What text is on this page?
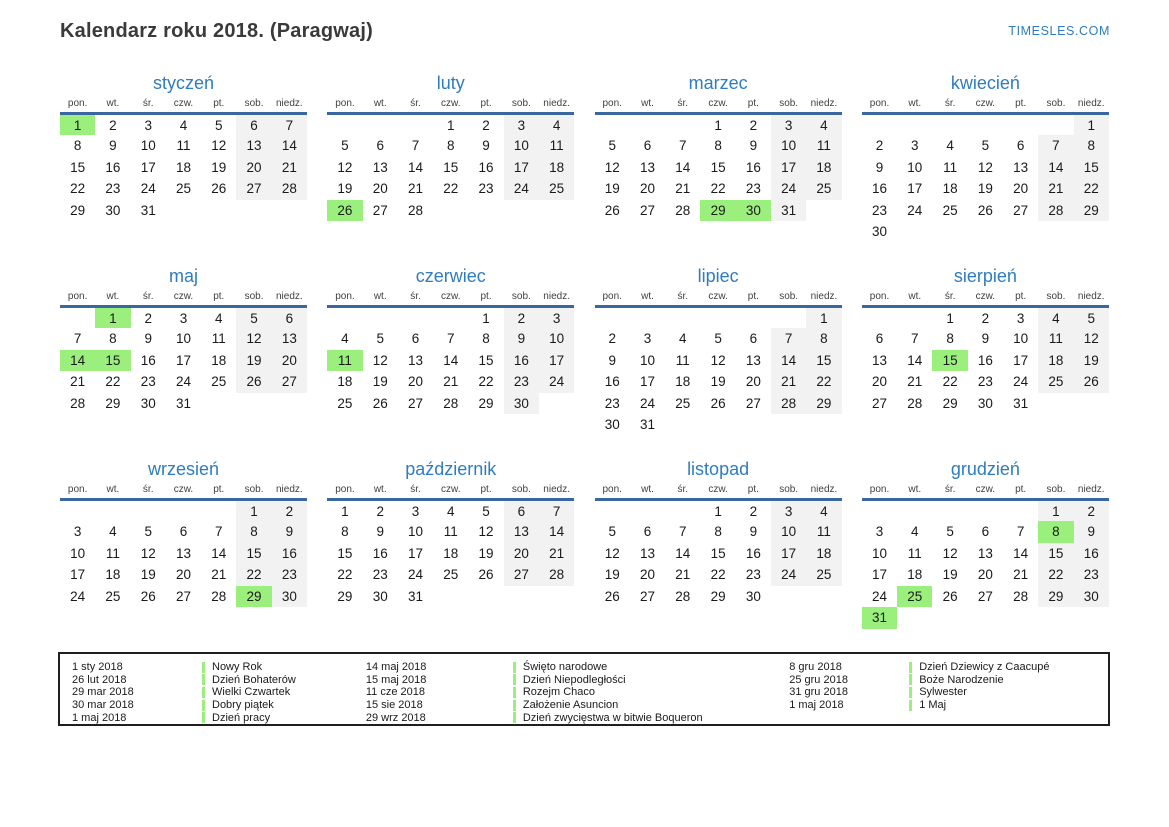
Kalendarz roku 2018. (Paragwaj)	TIMESLES.COM
styczeń
pon.	wt.	śr.	czw.	pt.	sob.	niedz.
1	2	3	4	5	6	7
8	9	10	11	12	13	14
15	16	17	18	19	20	21
22	23	24	25	26	27	28
29	30	31				
luty
pon.	wt.	śr.	czw.	pt.	sob.	niedz.
			1	2	3	4
5	6	7	8	9	10	11
12	13	14	15	16	17	18
19	20	21	22	23	24	25
26	27	28				
marzec
pon.	wt.	śr.	czw.	pt.	sob.	niedz.
			1	2	3	4
5	6	7	8	9	10	11
12	13	14	15	16	17	18
19	20	21	22	23	24	25
26	27	28	29	30	31	
kwiecień
pon.	wt.	śr.	czw.	pt.	sob.	niedz.
						1
2	3	4	5	6	7	8
9	10	11	12	13	14	15
16	17	18	19	20	21	22
23	24	25	26	27	28	29
30						
maj
pon.	wt.	śr.	czw.	pt.	sob.	niedz.
	1	2	3	4	5	6
7	8	9	10	11	12	13
14	15	16	17	18	19	20
21	22	23	24	25	26	27
28	29	30	31			
czerwiec
pon.	wt.	śr.	czw.	pt.	sob.	niedz.
				1	2	3
4	5	6	7	8	9	10
11	12	13	14	15	16	17
18	19	20	21	22	23	24
25	26	27	28	29	30	
lipiec
pon.	wt.	śr.	czw.	pt.	sob.	niedz.
						1
2	3	4	5	6	7	8
9	10	11	12	13	14	15
16	17	18	19	20	21	22
23	24	25	26	27	28	29
30	31					
sierpień
pon.	wt.	śr.	czw.	pt.	sob.	niedz.
		1	2	3	4	5
6	7	8	9	10	11	12
13	14	15	16	17	18	19
20	21	22	23	24	25	26
27	28	29	30	31		
wrzesień
pon.	wt.	śr.	czw.	pt.	sob.	niedz.
					1	2
3	4	5	6	7	8	9
10	11	12	13	14	15	16
17	18	19	20	21	22	23
24	25	26	27	28	29	30
październik
pon.	wt.	śr.	czw.	pt.	sob.	niedz.
1	2	3	4	5	6	7
8	9	10	11	12	13	14
15	16	17	18	19	20	21
22	23	24	25	26	27	28
29	30	31				
listopad
pon.	wt.	śr.	czw.	pt.	sob.	niedz.
			1	2	3	4
5	6	7	8	9	10	11
12	13	14	15	16	17	18
19	20	21	22	23	24	25
26	27	28	29	30		
grudzień
pon.	wt.	śr.	czw.	pt.	sob.	niedz.
					1	2
3	4	5	6	7	8	9
10	11	12	13	14	15	16
17	18	19	20	21	22	23
24	25	26	27	28	29	30
31						
1 sty 2018	Nowy Rok
26 lut 2018	Dzień Bohaterów
29 mar 2018	Wielki Czwartek
30 mar 2018	Dobry piątek
1 maj 2018	Dzień pracy
14 maj 2018	Święto narodowe
15 maj 2018	Dzień Niepodległości
11 cze 2018	Rozejm Chaco
15 sie 2018	Założenie Asuncion
29 wrz 2018	Dzień zwycięstwa w bitwie Boqueron
8 gru 2018	Dzień Dziewicy z Caacupé
25 gru 2018	Boże Narodzenie
31 gru 2018	Sylwester
1 maj 2018	1 Maj
